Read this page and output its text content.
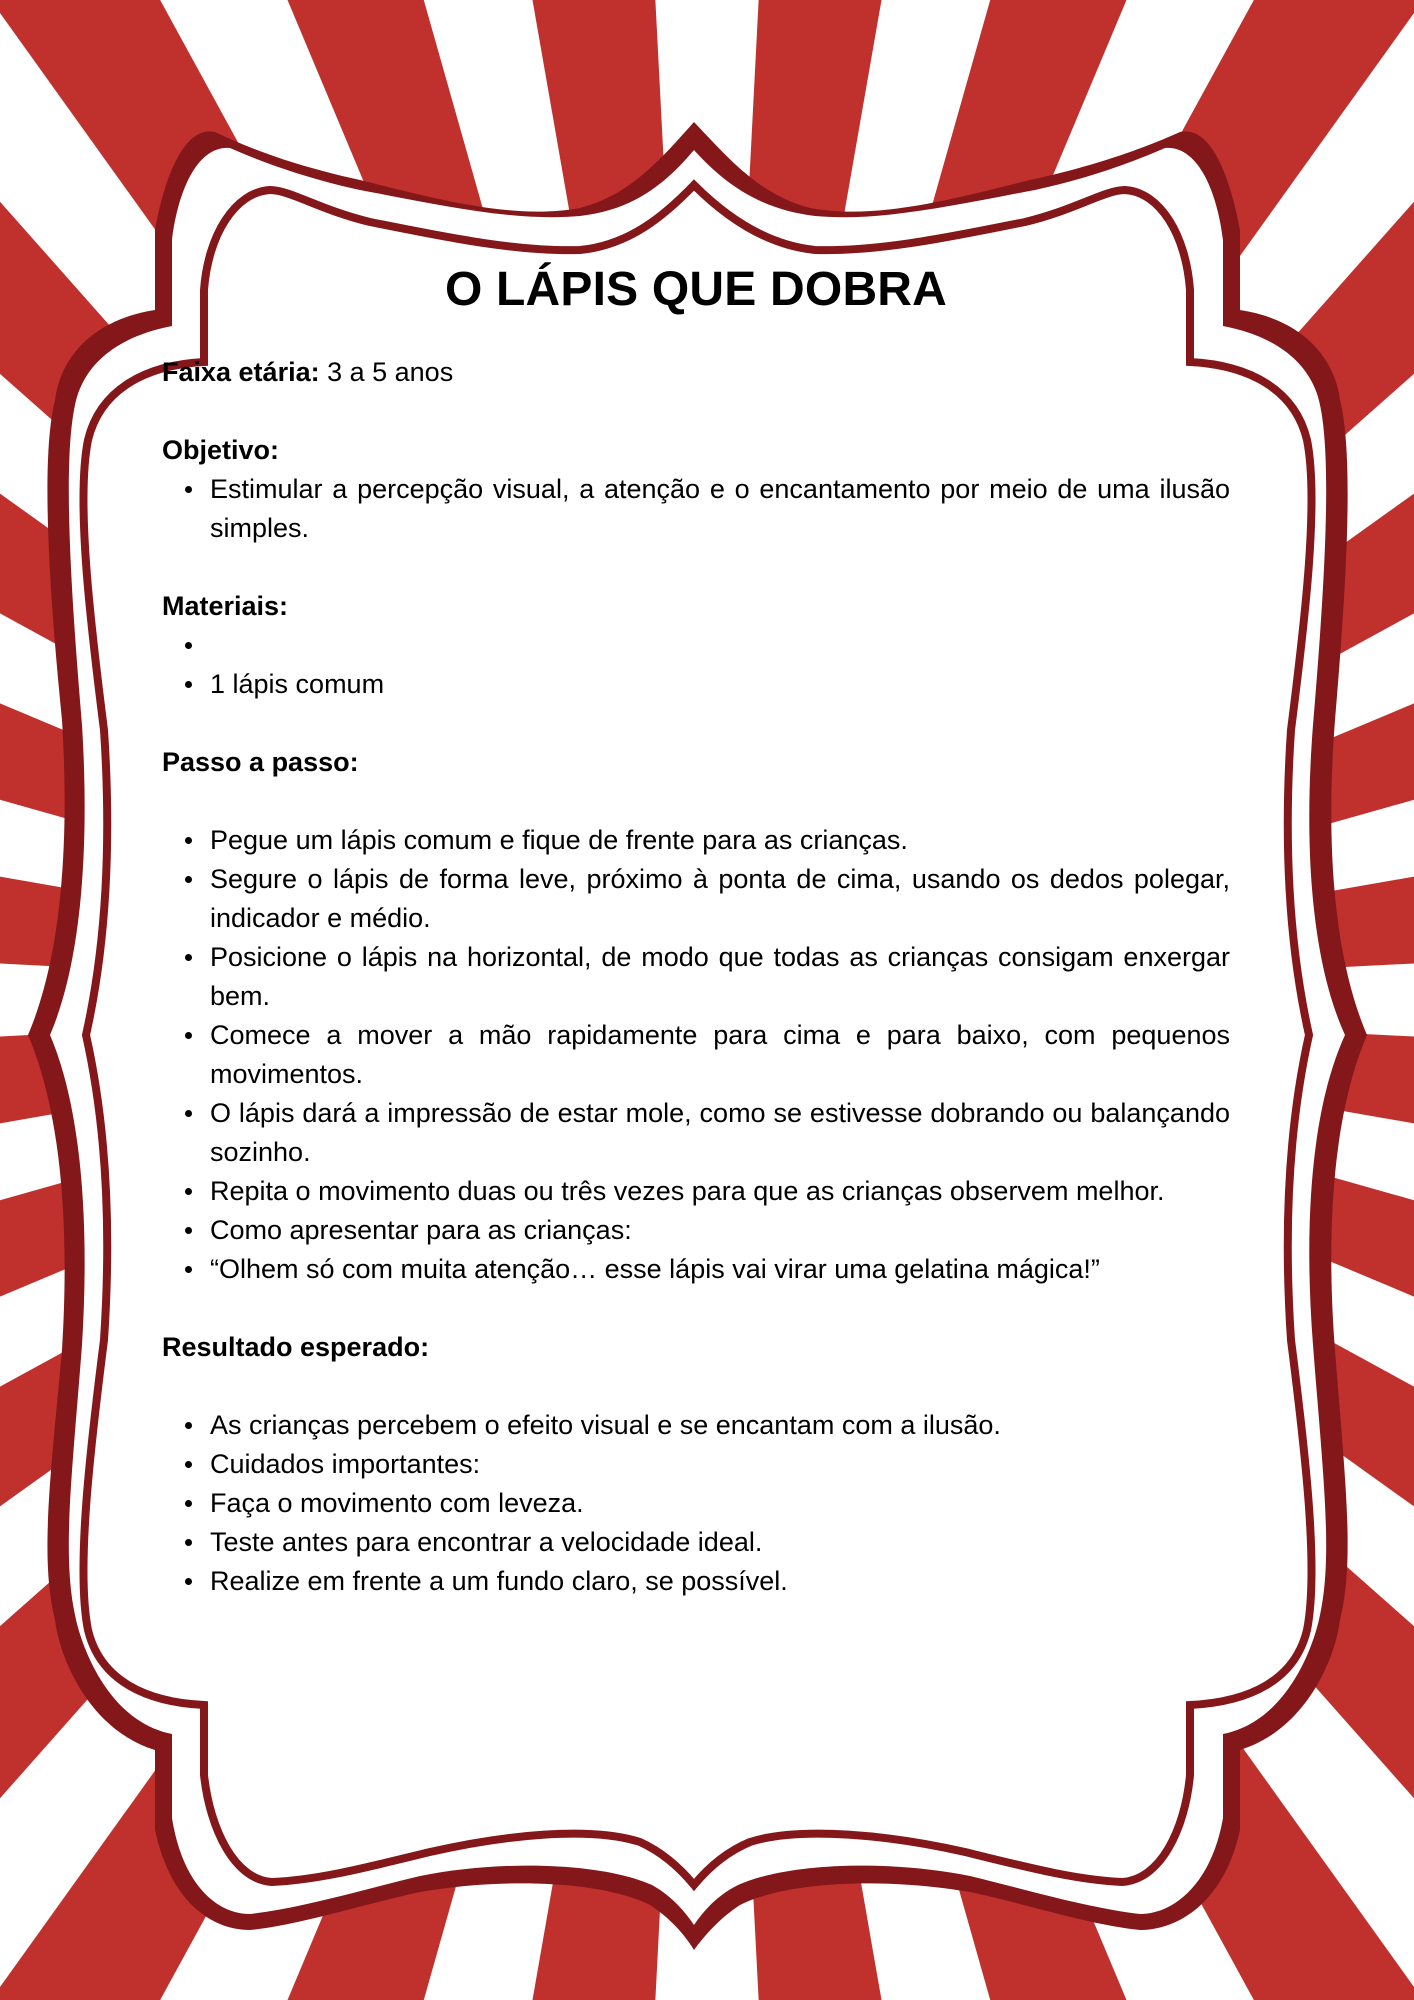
O LÁPIS QUE DOBRA

Faixa etária: 3 a 5 anos

Objetivo:

Estimular a percepção visual, a atenção e o encantamento por meio de uma ilusão simples.

Materiais:

1 lápis comum

Passo a passo:

Pegue um lápis comum e fique de frente para as crianças.
Segure o lápis de forma leve, próximo à ponta de cima, usando os dedos polegar, indicador e médio.
Posicione o lápis na horizontal, de modo que todas as crianças consigam enxergar bem.
Comece a mover a mão rapidamente para cima e para baixo, com pequenos movimentos.
O lápis dará a impressão de estar mole, como se estivesse dobrando ou balançando sozinho.
Repita o movimento duas ou três vezes para que as crianças observem melhor.
Como apresentar para as crianças:
“Olhem só com muita atenção… esse lápis vai virar uma gelatina mágica!”

Resultado esperado:

As crianças percebem o efeito visual e se encantam com a ilusão.
Cuidados importantes:
Faça o movimento com leveza.
Teste antes para encontrar a velocidade ideal.
Realize em frente a um fundo claro, se possível.
